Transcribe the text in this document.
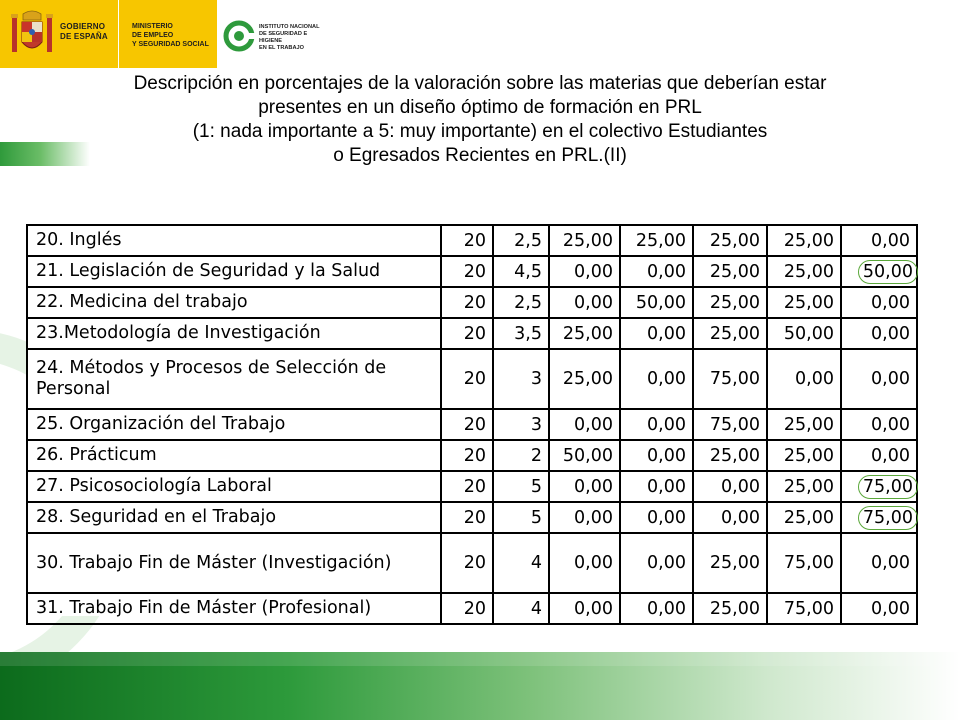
GOBIERNO
DE ESPAÑA
MINISTERIO
DE EMPLEO
Y SEGURIDAD SOCIAL
INSTITUTO NACIONAL
DE SEGURIDAD E HIGIENE
EN EL TRABAJO
Descripción en porcentajes de la valoración sobre las materias que deberían estar
presentes en un diseño óptimo de formación en PRL
(1: nada importante a 5: muy importante) en el colectivo Estudiantes
o Egresados Recientes en PRL.(II)
20. Inglés	20	2,5	25,00	25,00	25,00	25,00	0,00
21. Legislación de Seguridad y la Salud	20	4,5	0,00	0,00	25,00	25,00	50,00
22. Medicina del trabajo	20	2,5	0,00	50,00	25,00	25,00	0,00
23.Metodología de Investigación	20	3,5	25,00	0,00	25,00	50,00	0,00
24. Métodos y Procesos de Selección de Personal	20	3	25,00	0,00	75,00	0,00	0,00
25. Organización del Trabajo	20	3	0,00	0,00	75,00	25,00	0,00
26. Prácticum	20	2	50,00	0,00	25,00	25,00	0,00
27. Psicosociología Laboral	20	5	0,00	0,00	0,00	25,00	75,00
28. Seguridad en el Trabajo	20	5	0,00	0,00	0,00	25,00	75,00
30. Trabajo Fin de Máster (Investigación)	20	4	0,00	0,00	25,00	75,00	0,00
31. Trabajo Fin de Máster (Profesional)	20	4	0,00	0,00	25,00	75,00	0,00
